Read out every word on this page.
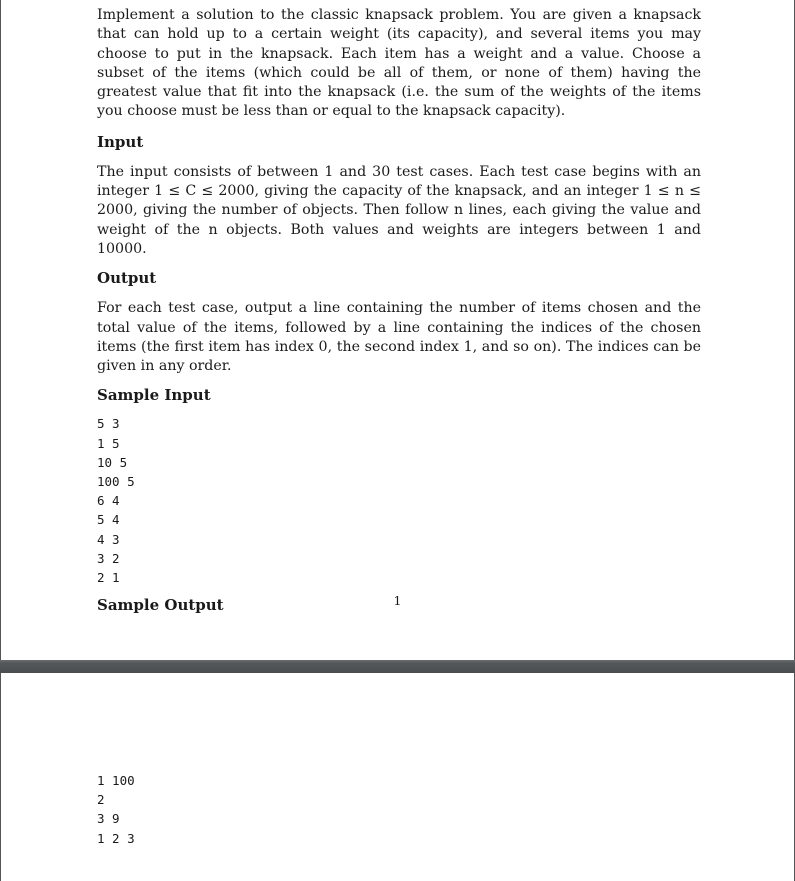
Implement a solution to the classic knapsack problem. You are given a knapsack that can hold up to a certain weight (its capacity), and several items you may choose to put in the knapsack. Each item has a weight and a value. Choose a subset of the items (which could be all of them, or none of them) having the greatest value that fit into the knapsack (i.e. the sum of the weights of the items you choose must be less than or equal to the knapsack capacity).

Input

The input consists of between 1 and 30 test cases. Each test case begins with an integer 1 ≤ C ≤ 2000, giving the capacity of the knapsack, and an integer 1 ≤ n ≤ 2000, giving the number of objects. Then follow n lines, each giving the value and weight of the n objects. Both values and weights are integers between 1 and 10000.

Output

For each test case, output a line containing the number of items chosen and the total value of the items, followed by a line containing the indices of the chosen items (the first item has index 0, the second index 1, and so on). The indices can be given in any order.

Sample Input
5 3
1 5
10 5
100 5
6 4
5 4
4 3
3 2
2 1
Sample Output	1
1 100
2
3 9
1 2 3
